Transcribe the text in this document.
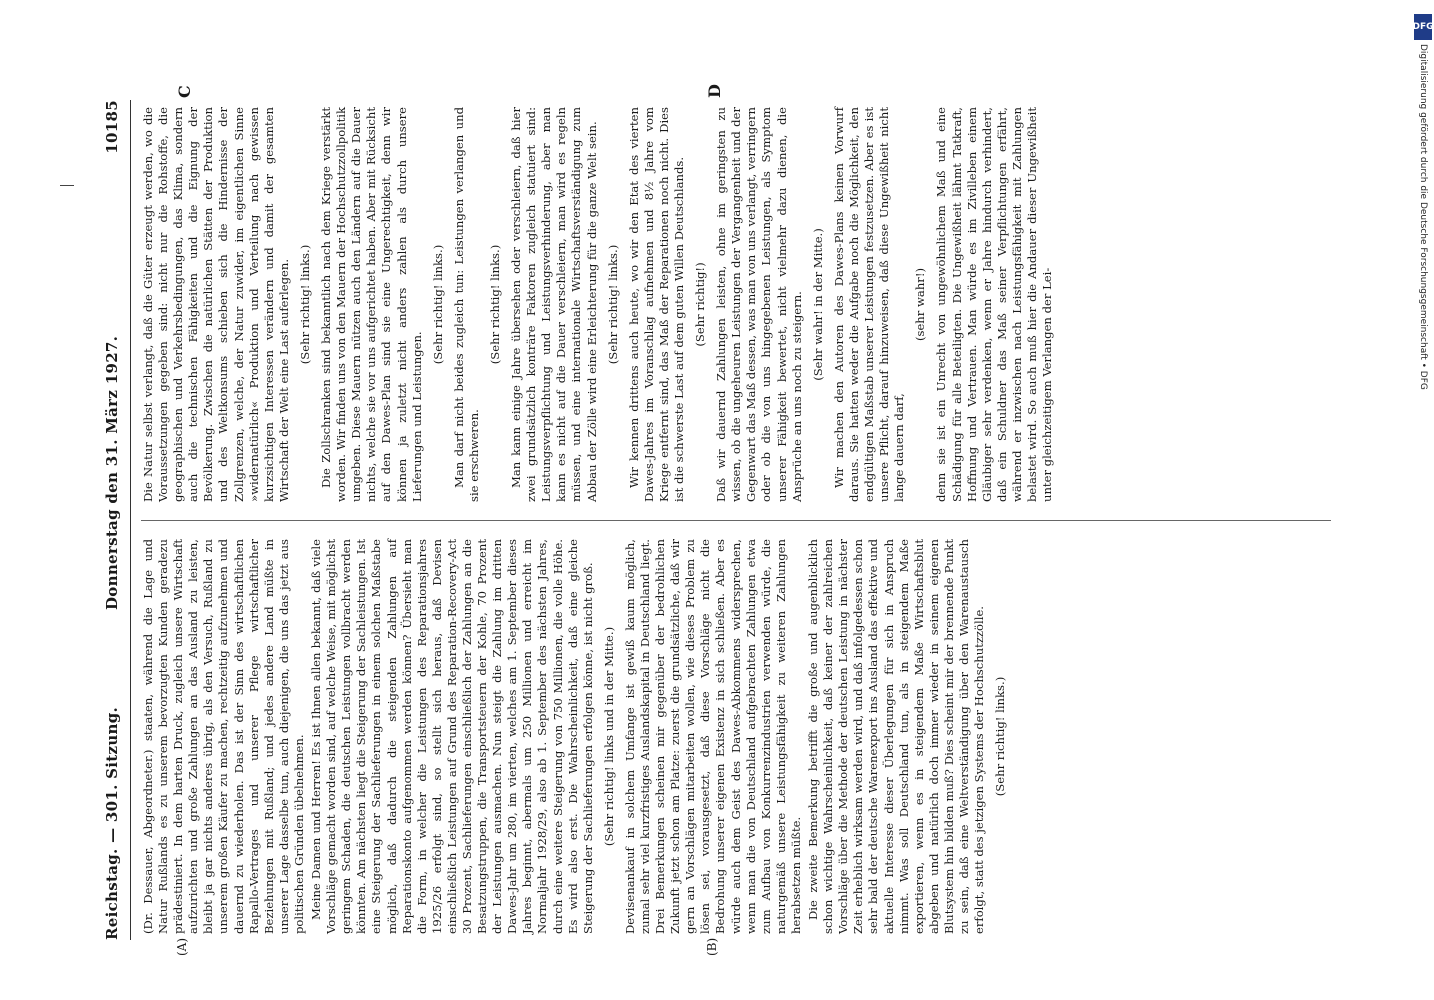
Reichstag. — 301. Sitzung.
Donnerstag den 31. März 1927.
10185
(A)	(B)
C	D

(Dr. Dessauer, Abgeordneter.) staaten, während die Lage und Natur Rußlands es zu unserem bevorzugten Kunden geradezu prädestiniert. In dem harten Druck, zugleich unsere Wirtschaft aufzurichten und große Zahlungen an das Ausland zu leisten, bleibt ja gar nichts anderes übrig, als den Versuch, Rußland zu unserem großen Käufer zu machen, rechtzeitig aufzunehmen und dauernd zu wiederholen. Das ist der Sinn des wirtschaftlichen Rapallo-Vertrages und unserer Pflege wirtschaftlicher Beziehungen mit Rußland; und jedes andere Land müßte in unserer Lage dasselbe tun, auch diejenigen, die uns das jetzt aus politischen Gründen übelnehmen. Meine Damen und Herren! Es ist Ihnen allen bekannt, daß viele Vorschläge gemacht worden sind, auf welche Weise, mit möglichst geringem Schaden, die deutschen Leistungen vollbracht werden könnten. Am nächsten liegt die Steigerung der Sachleistungen. Ist eine Steigerung der Sachlieferungen in einem solchen Maßstabe möglich, daß dadurch die steigenden Zahlungen auf Reparationskonto aufgenommen werden können? Übersieht man die Form, in welcher die Leistungen des Reparationsjahres 1925/26 erfolgt sind, so stellt sich heraus, daß Devisen einschließlich Leistungen auf Grund des Reparation-Recovery-Act 30 Prozent, Sachlieferungen einschließlich der Zahlungen an die Besatzungstruppen, die Transportsteuern der Kohle, 70 Prozent der Leistungen ausmachen. Nun steigt die Zahlung im dritten Dawes-Jahr um 280, im vierten, welches am 1. September dieses Jahres beginnt, abermals um 250 Millionen und erreicht im Normaljahr 1928/29, also ab 1. September des nächsten Jahres, durch eine weitere Steigerung von 750 Millionen, die volle Höhe. Es wird also erst. Die Wahrscheinlichkeit, daß eine gleiche Steigerung der Sachlieferungen erfolgen könne, ist nicht groß. (Sehr richtig! links und in der Mitte.) Devisenankauf in solchem Umfange ist gewiß kaum möglich, zumal sehr viel kurzfristiges Auslandskapital in Deutschland liegt. Drei Bemerkungen scheinen mir gegenüber der bedrohlichen Zukunft jetzt schon am Platze: zuerst die grundsätzliche, daß wir gern an Vorschlägen mitarbeiten wollen, wie dieses Problem zu lösen sei, vorausgesetzt, daß diese Vorschläge nicht die Bedrohung unserer eigenen Existenz in sich schließen. Aber es würde auch dem Geist des Dawes-Abkommens widersprechen, wenn man die von Deutschland aufgebrachten Zahlungen etwa zum Aufbau von Konkurrenzindustrien verwenden würde, die naturgemäß unsere Leistungsfähigkeit zu weiteren Zahlungen herabsetzen müßte. Die zweite Bemerkung betrifft die große und augenblicklich schon wichtige Wahrscheinlichkeit, daß keiner der zahlreichen Vorschläge über die Methode der deutschen Leistung in nächster Zeit erheblich wirksam werden wird, und daß infolgedessen schon sehr bald der deutsche Warenexport ins Ausland das effektive und aktuelle Interesse dieser Überlegungen für sich in Anspruch nimmt. Was soll Deutschland tun, als in steigendem Maße exportieren, wenn es in steigendem Maße Wirtschaftsblut abgeben und natürlich doch immer wieder in seinem eigenen Blutsystem hin bilden muß? Dies scheint mir der brennende Punkt zu sein, daß eine Weltverständigung über den Warenaustausch erfolgt, statt des jetzigen Systems der Hochschutzzölle. (Sehr richtig! links.)

Die Natur selbst verlangt, daß die Güter erzeugt werden, wo die Voraussetzungen gegeben sind: nicht nur die Rohstoffe, die geographischen und Verkehrsbedingungen, das Klima, sondern auch die technischen Fähigkeiten und die Eignung der Bevölkerung. Zwischen die natürlichen Stätten der Produktion und des Weltkonsums schieben sich die Hindernisse der Zollgrenzen, welche, der Natur zuwider, im eigentlichen Sinne »widernatürlich« Produktion und Verteilung nach gewissen kurzsichtigen Interessen verändern und damit der gesamten Wirtschaft der Welt eine Last auferlegen. (Sehr richtig! links.) Die Zollschranken sind bekanntlich nach dem Kriege verstärkt worden. Wir finden uns von den Mauern der Hochschutzzollpolitik umgeben. Diese Mauern nützen auch den Ländern auf die Dauer nichts, welche sie vor uns aufgerichtet haben. Aber mit Rücksicht auf den Dawes-Plan sind sie eine Ungerechtigkeit, denn wir können ja zuletzt nicht anders zahlen als durch unsere Lieferungen und Leistungen.

(Sehr richtig! links.) Man darf nicht beides zugleich tun: Leistungen verlangen und sie erschweren.

(Sehr richtig! links.) Man kann einige Jahre übersehen oder verschleiern, daß hier zwei grundsätzlich konträre Faktoren zugleich statuiert sind: Leistungsverpflichtung und Leistungsverhinderung, aber man kann es nicht auf die Dauer verschleiern, man wird es regeln müssen, und eine internationale Wirtschaftsverständigung zum Abbau der Zölle wird eine Erleichterung für die ganze Welt sein. (Sehr richtig! links.) Wir kennen drittens auch heute, wo wir den Etat des vierten Dawes-Jahres im Voranschlag aufnehmen und 8½ Jahre vom Kriege entfernt sind, das Maß der Reparationen noch nicht. Dies ist die schwerste Last auf dem guten Willen Deutschlands. (Sehr richtig!) Daß wir dauernd Zahlungen leisten, ohne im geringsten zu wissen, ob die ungeheuren Leistungen der Vergangenheit und der Gegenwart das Maß dessen, was man von uns verlangt, verringern oder ob die von uns hingegebenen Leistungen, als Symptom unserer Fähigkeit bewertet, nicht vielmehr dazu dienen, die Ansprüche an uns noch zu steigern. (Sehr wahr! in der Mitte.) Wir machen den Autoren des Dawes-Plans keinen Vorwurf daraus. Sie hatten weder die Aufgabe noch die Möglichkeit, den endgültigen Maßstab unserer Leistungen festzusetzen. Aber es ist unsere Pflicht, darauf hinzuweisen, daß diese Ungewißheit nicht lange dauern darf,

(sehr wahr!) denn sie ist ein Unrecht von ungewöhnlichem Maß und eine Schädigung für alle Beteiligten. Die Ungewißheit lähmt Tatkraft, Hoffnung und Vertrauen. Man würde es im Zivilleben einem Gläubiger sehr verdenken, wenn er Jahre hindurch verhindert, daß ein Schuldner das Maß seiner Verpflichtungen erfährt, während er inzwischen nach Leistungsfähigkeit mit Zahlungen belastet wird. So auch muß hier die Andauer dieser Ungewißheit unter gleichzeitigem Verlangen der Lei-

DFG
Digitalisierung gefördert durch die Deutsche Forschungsgemeinschaft • DFG
